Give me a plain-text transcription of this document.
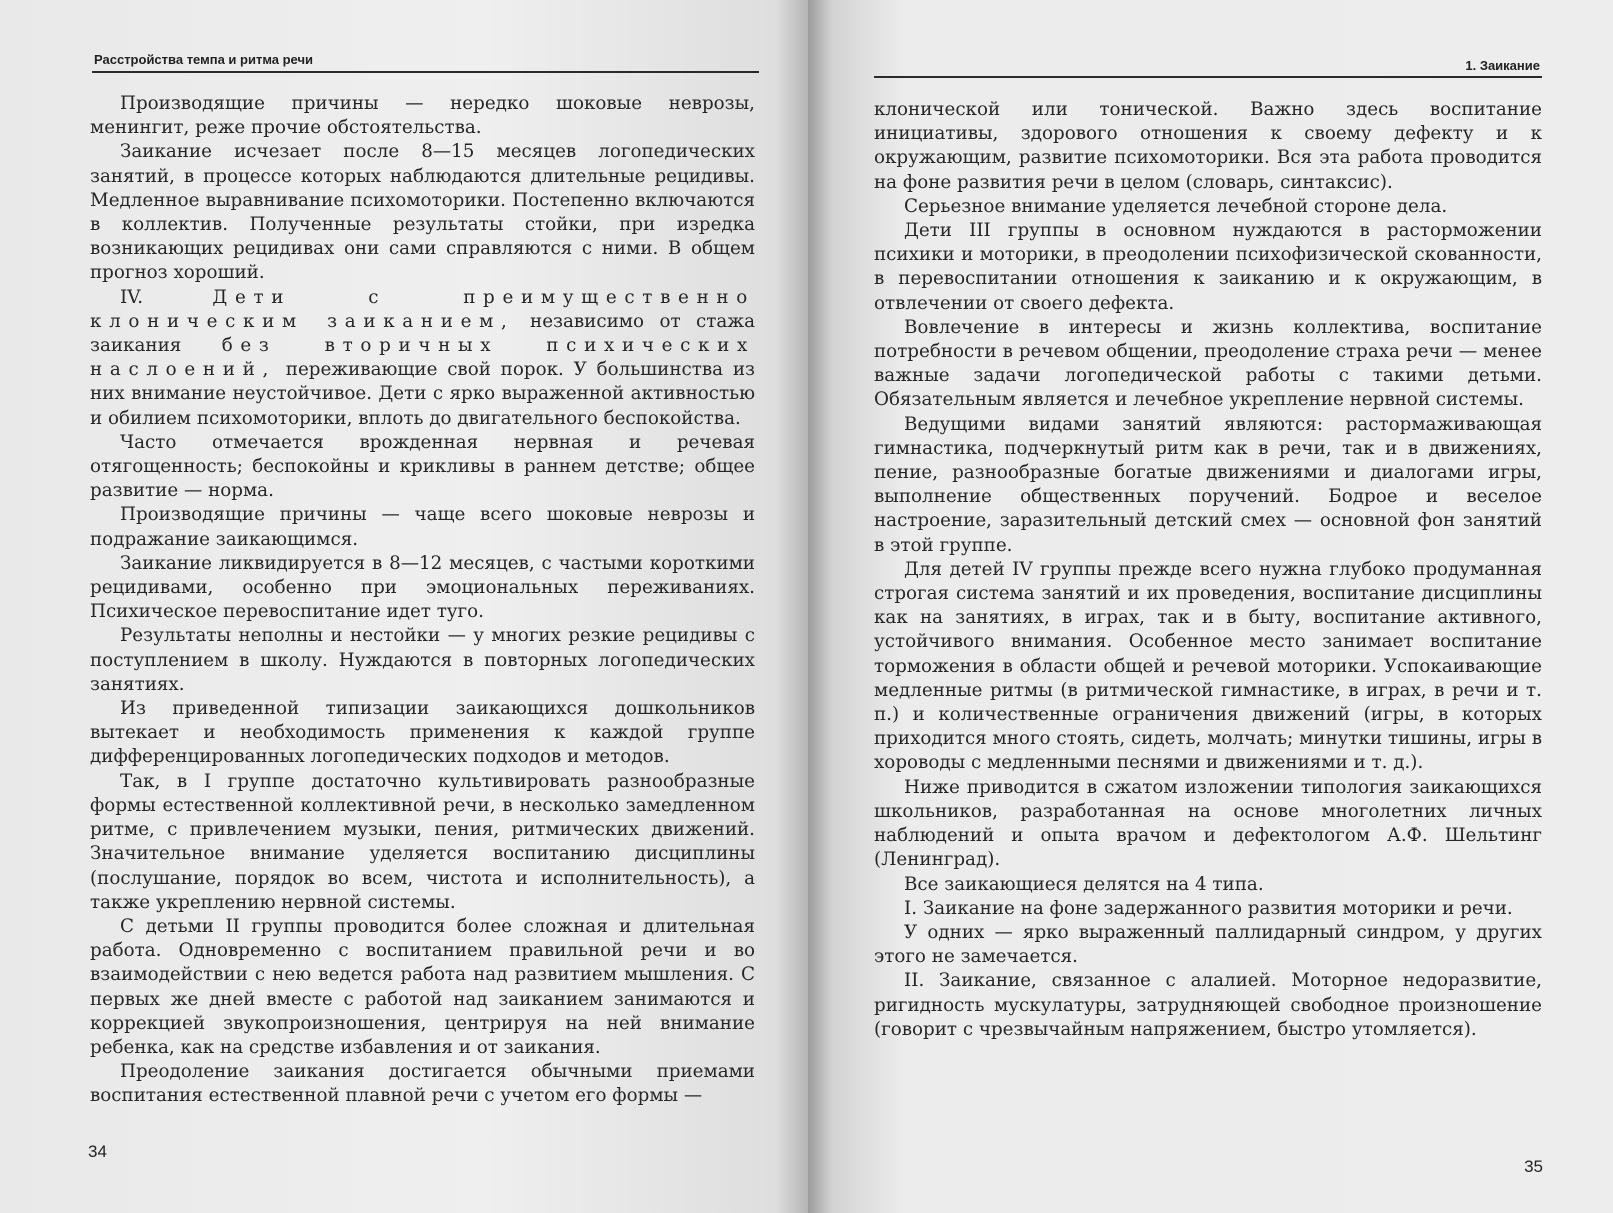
Расстройства темпа и ритма речи

Производящие причины — нередко шоковые неврозы, менингит, реже прочие обстоятельства.

Заикание исчезает после 8—15 месяцев логопедических занятий, в процессе которых наблюдаются длительные рецидивы. Медленное выравнивание психомоторики. Постепенно включаются в коллектив. Полученные результаты стойки, при изредка возникающих рецидивах они сами справляются с ними. В общем прогноз хороший.

IV.	Дети с преимущественно клоническим заиканием, независимо от стажа заикания без вторичных психических наслоений, переживающие свой порок. У большинства из них внимание неустойчивое. Дети с ярко выраженной активностью и обилием психомоторики, вплоть до двигательного беспокойства.

Часто отмечается врожденная нервная и речевая отягощенность; беспокойны и крикливы в раннем детстве; общее развитие — норма.

Производящие причины — чаще всего шоковые неврозы и подражание заикающимся.

Заикание ликвидируется в 8—12 месяцев, с частыми короткими рецидивами, особенно при эмоциональных переживаниях. Психическое перевоспитание идет туго.

Результаты неполны и нестойки — у многих резкие рецидивы с поступлением в школу. Нуждаются в повторных логопедических занятиях.

Из приведенной типизации заикающихся дошкольников вытекает и необходимость применения к каждой группе дифференцированных логопедических подходов и методов.

Так, в I группе достаточно культивировать разнообразные формы естественной коллективной речи, в несколько замедленном ритме, с привлечением музыки, пения, ритмических движений. Значительное внимание уделяется воспитанию дисциплины (послушание, порядок во всем, чистота и исполнительность), а также укреплению нервной системы.

С детьми II группы проводится более сложная и длительная работа. Одновременно с воспитанием правильной речи и во взаимодействии с нею ведется работа над развитием мышления. С первых же дней вместе с работой над заиканием занимаются и коррекцией звукопроизношения, центрируя на ней внимание ребенка, как на средстве избавления и от заикания.

Преодоление заикания достигается обычными приемами воспитания естественной плавной речи с учетом его формы —

34
1. Заикание

клонической или тонической. Важно здесь воспитание инициативы, здорового отношения к своему дефекту и к окружающим, развитие психомоторики. Вся эта работа проводится на фоне развития речи в целом (словарь, синтаксис).

Серьезное внимание уделяется лечебной стороне дела.

Дети III группы в основном нуждаются в расторможении психики и моторики, в преодолении психофизической скованности, в перевоспитании отношения к заиканию и к окружающим, в отвлечении от своего дефекта.

Вовлечение в интересы и жизнь коллектива, воспитание потребности в речевом общении, преодоление страха речи — менее важные задачи логопедической работы с такими детьми. Обязательным является и лечебное укрепление нервной системы.

Ведущими видами занятий являются: растормаживающая гимнастика, подчеркнутый ритм как в речи, так и в движениях, пение, разнообразные богатые движениями и диалогами игры, выполнение общественных поручений. Бодрое и веселое настроение, заразительный детский смех — основной фон занятий в этой группе.

Для детей IV группы прежде всего нужна глубоко продуманная строгая система занятий и их проведения, воспитание дисциплины как на занятиях, в играх, так и в быту, воспитание активного, устойчивого внимания. Особенное место занимает воспитание торможения в области общей и речевой моторики. Успокаивающие медленные ритмы (в ритмической гимнастике, в играх, в речи и т. п.) и количественные ограничения движений (игры, в которых приходится много стоять, сидеть, молчать; минутки тишины, игры в хороводы с медленными песнями и движениями и т. д.).

Ниже приводится в сжатом изложении типология заикающихся школьников, разработанная на основе многолетних личных наблюдений и опыта врачом и дефектологом А.Ф. Шельтинг (Ленинград).

Все заикающиеся делятся на 4 типа.

I. Заикание на фоне задержанного развития моторики и речи.

У одних — ярко выраженный паллидарный синдром, у других этого не замечается.

II. Заикание, связанное с алалией. Моторное недоразвитие, ригидность мускулатуры, затрудняющей свободное произношение (говорит с чрезвычайным напряжением, быстро утомляется).

35
